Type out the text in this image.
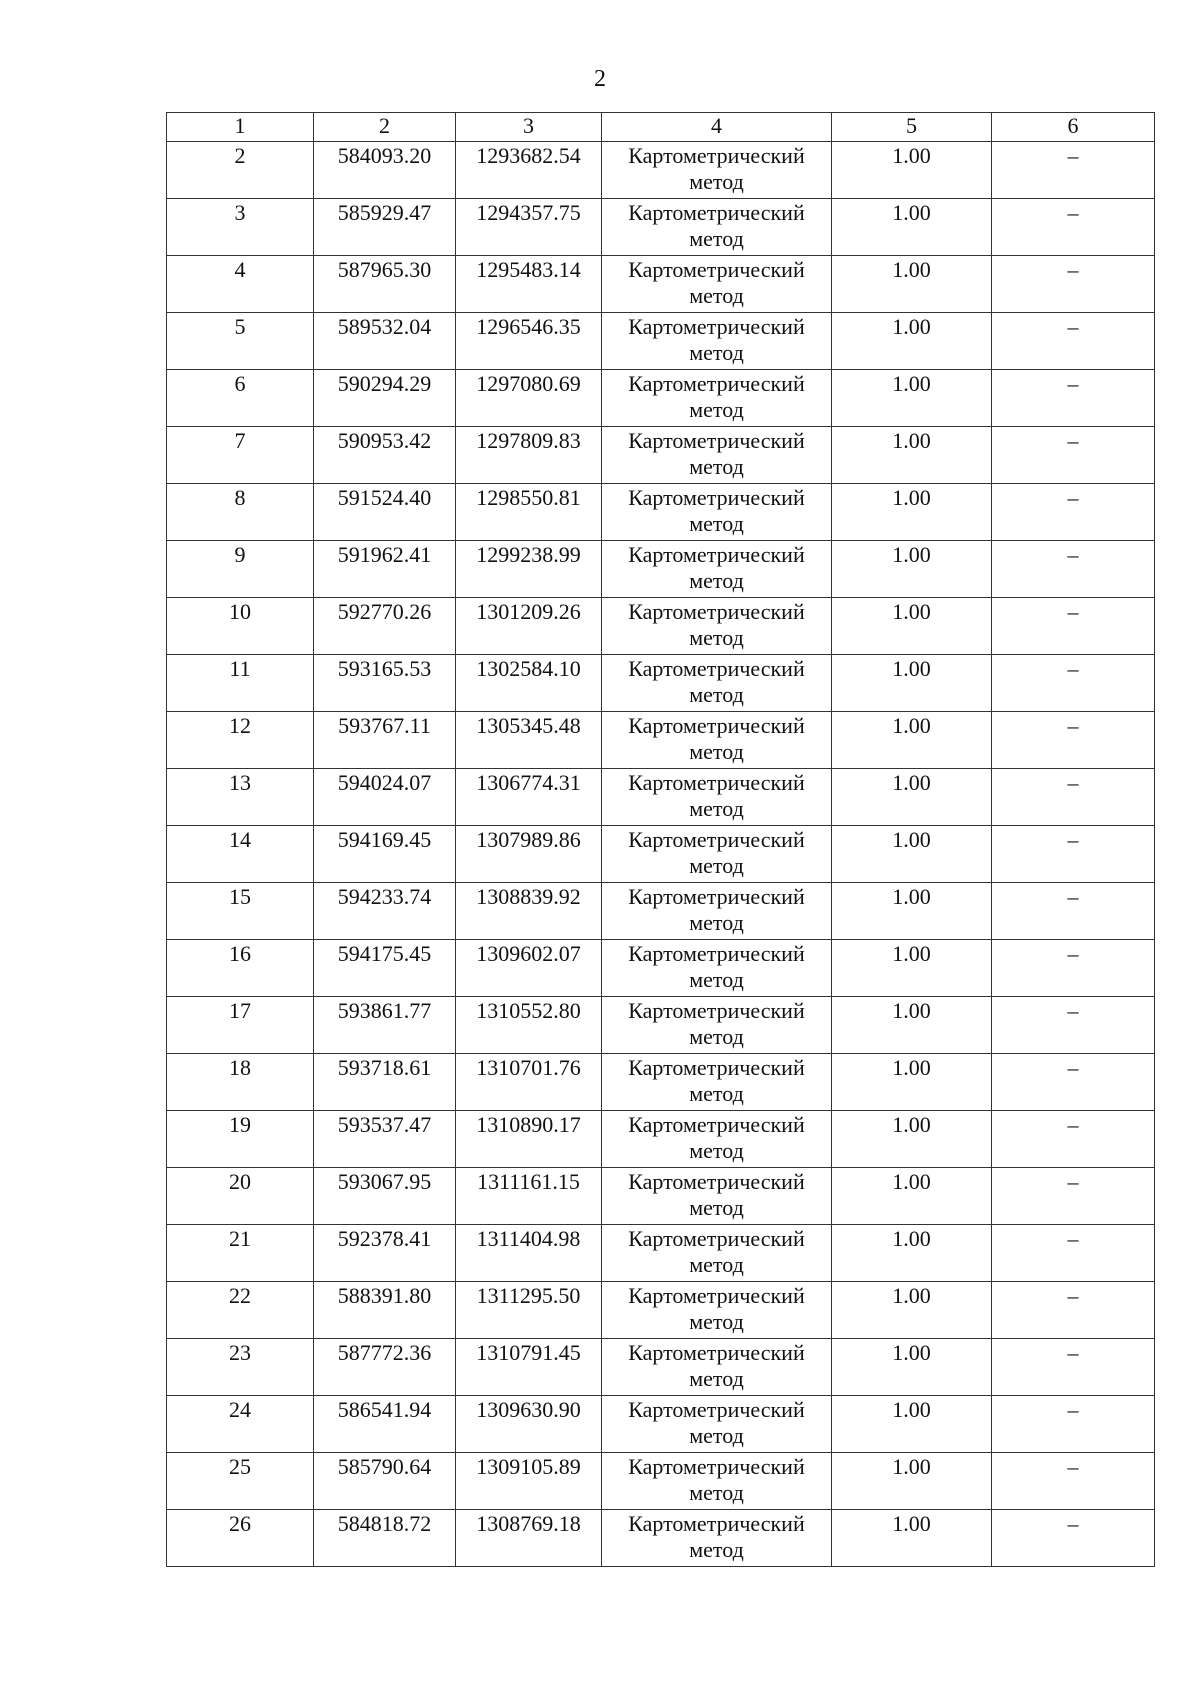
2
1	2	3	4	5	6
2	584093.20	1293682.54	Картометрический метод	1.00	–
3	585929.47	1294357.75	Картометрический метод	1.00	–
4	587965.30	1295483.14	Картометрический метод	1.00	–
5	589532.04	1296546.35	Картометрический метод	1.00	–
6	590294.29	1297080.69	Картометрический метод	1.00	–
7	590953.42	1297809.83	Картометрический метод	1.00	–
8	591524.40	1298550.81	Картометрический метод	1.00	–
9	591962.41	1299238.99	Картометрический метод	1.00	–
10	592770.26	1301209.26	Картометрический метод	1.00	–
11	593165.53	1302584.10	Картометрический метод	1.00	–
12	593767.11	1305345.48	Картометрический метод	1.00	–
13	594024.07	1306774.31	Картометрический метод	1.00	–
14	594169.45	1307989.86	Картометрический метод	1.00	–
15	594233.74	1308839.92	Картометрический метод	1.00	–
16	594175.45	1309602.07	Картометрический метод	1.00	–
17	593861.77	1310552.80	Картометрический метод	1.00	–
18	593718.61	1310701.76	Картометрический метод	1.00	–
19	593537.47	1310890.17	Картометрический метод	1.00	–
20	593067.95	1311161.15	Картометрический метод	1.00	–
21	592378.41	1311404.98	Картометрический метод	1.00	–
22	588391.80	1311295.50	Картометрический метод	1.00	–
23	587772.36	1310791.45	Картометрический метод	1.00	–
24	586541.94	1309630.90	Картометрический метод	1.00	–
25	585790.64	1309105.89	Картометрический метод	1.00	–
26	584818.72	1308769.18	Картометрический метод	1.00	–
